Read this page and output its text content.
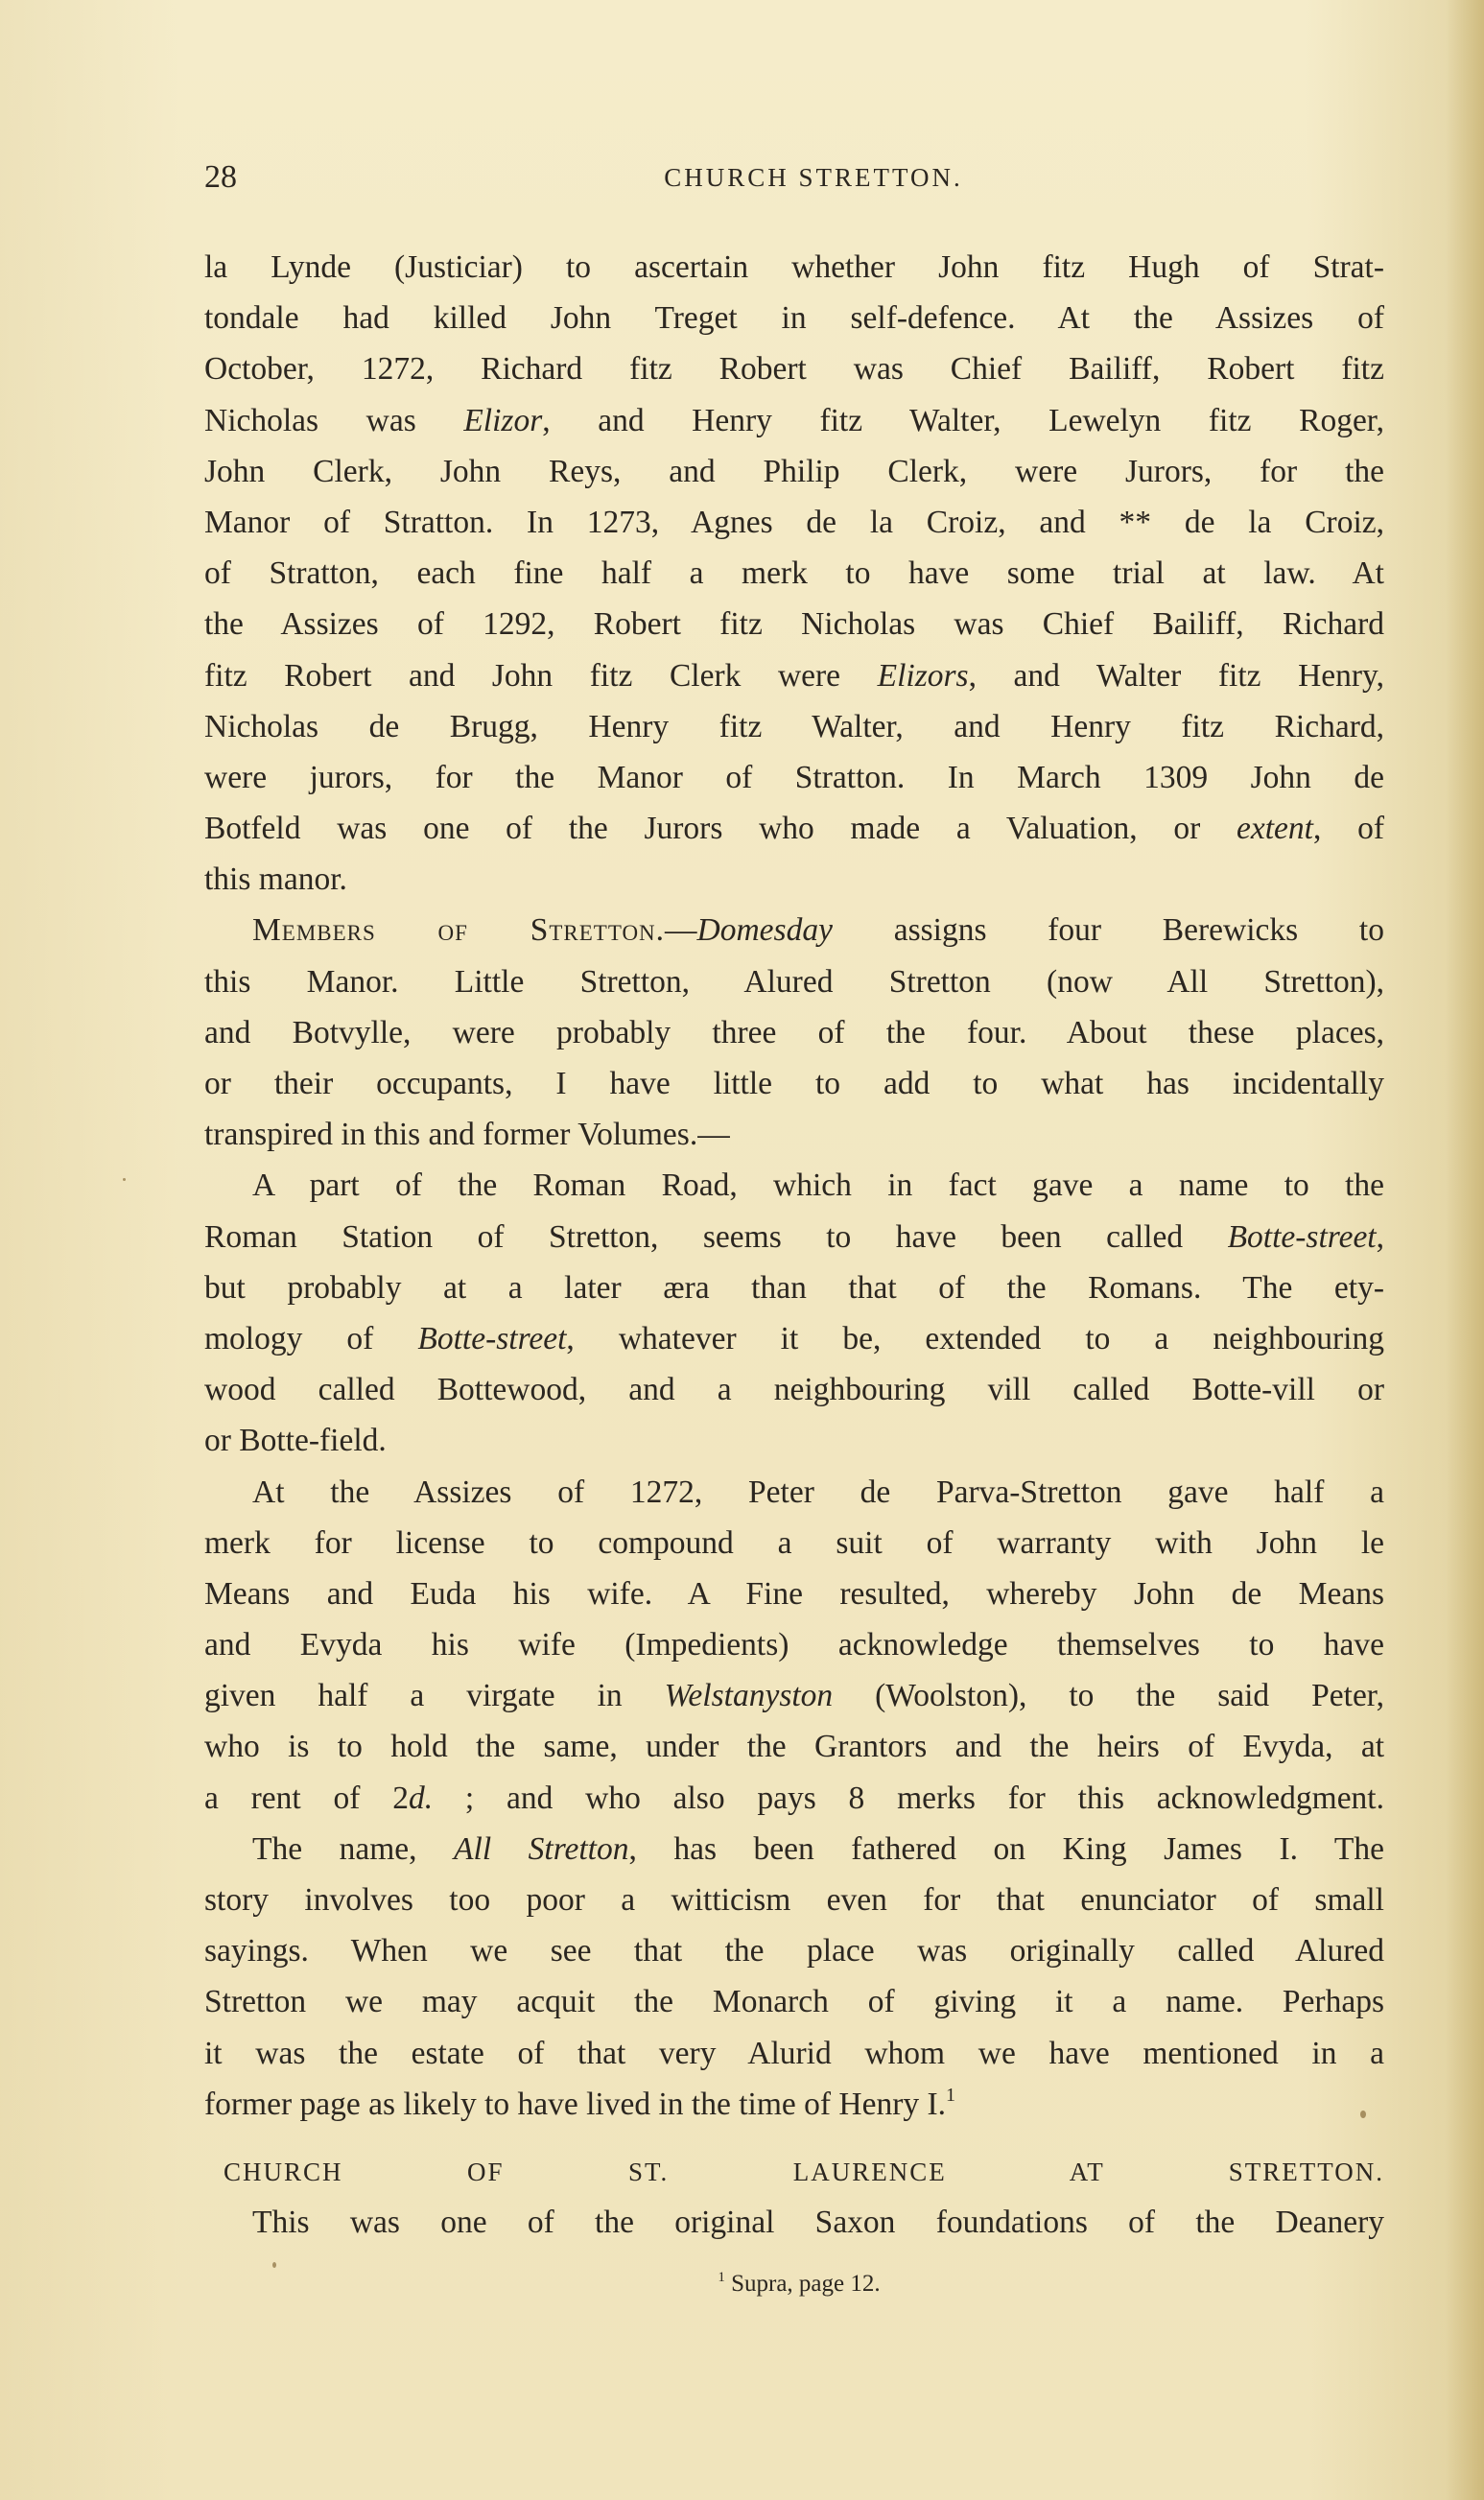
28	CHURCH STRETTON.
la Lynde (Justiciar) to ascertain whether John fitz Hugh of Strat-
tondale had killed John Treget in self-defence. At the Assizes of
October, 1272, Richard fitz Robert was Chief Bailiff, Robert fitz
Nicholas was Elizor, and Henry fitz Walter, Lewelyn fitz Roger,
John Clerk, John Reys, and Philip Clerk, were Jurors, for the
Manor of Stratton. In 1273, Agnes de la Croiz, and ** de la Croiz,
of Stratton, each fine half a merk to have some trial at law. At
the Assizes of 1292, Robert fitz Nicholas was Chief Bailiff, Richard
fitz Robert and John fitz Clerk were Elizors, and Walter fitz Henry,
Nicholas de Brugg, Henry fitz Walter, and Henry fitz Richard,
were jurors, for the Manor of Stratton. In March 1309 John de
Botfeld was one of the Jurors who made a Valuation, or extent, of
this manor.
Members of Stretton.—Domesday assigns four Berewicks to
this Manor. Little Stretton, Alured Stretton (now All Stretton),
and Botvylle, were probably three of the four. About these places,
or their occupants, I have little to add to what has incidentally
transpired in this and former Volumes.—
A part of the Roman Road, which in fact gave a name to the
Roman Station of Stretton, seems to have been called Botte-street,
but probably at a later æra than that of the Romans. The ety-
mology of Botte-street, whatever it be, extended to a neighbouring
wood called Bottewood, and a neighbouring vill called Botte-vill or
or Botte-field.
At the Assizes of 1272, Peter de Parva-Stretton gave half a
merk for license to compound a suit of warranty with John le
Means and Euda his wife. A Fine resulted, whereby John de Means
and Evyda his wife (Impedients) acknowledge themselves to have
given half a virgate in Welstanyston (Woolston), to the said Peter,
who is to hold the same, under the Grantors and the heirs of Evyda, at
a rent of 2d. ; and who also pays 8 merks for this acknowledgment.
The name, All Stretton, has been fathered on King James I. The
story involves too poor a witticism even for that enunciator of small
sayings. When we see that the place was originally called Alured
Stretton we may acquit the Monarch of giving it a name. Perhaps
it was the estate of that very Alurid whom we have mentioned in a
former page as likely to have lived in the time of Henry I.$^1$
CHURCH OF ST. LAURENCE AT STRETTON.
This was one of the original Saxon foundations of the Deanery
$^1$ Supra, page 12.
